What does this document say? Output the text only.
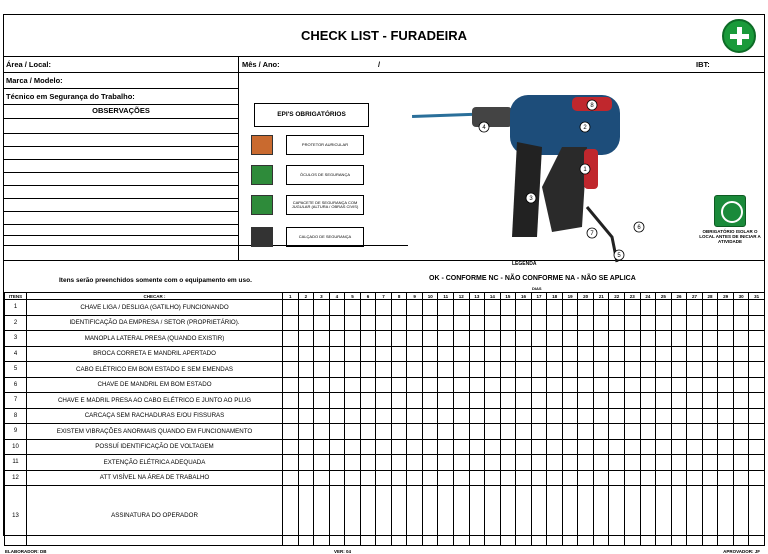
CHECK LIST - FURADEIRA
Área / Local:	Mês / Ano:	/	IBT:
Marca / Modelo:
Técnico em Segurança do Trabalho:
OBSERVAÇÕES	EPI'S OBRIGATÓRIOS
PROTETOR AURICULAR
ÓCULOS DE SEGURANÇA
CAPACETE DE SEGURANÇA COM JUGULAR (ALTURA / OBRAS CIVIS)
CALÇADO DE SEGURANÇA
1
2
3
4
5
6
7
8
OBRIGATÓRIO ISOLAR O LOCAL ANTES DE INICIAR A ATIVIDADE
LEGENDA
Itens serão preenchidos somente com o equipamento em uso.	OK - CONFORME NC - NÃO CONFORME NA - NÃO SE APLICA
DIAS
ITENS	CHECAR :	1	2	3	4	5	6	7	8	9	10	11	12	13	14	15	16	17	18	19	20	21	22	23	24	25	26	27	28	29	30	31
1	CHAVE LIGA / DESLIGA (GATILHO) FUNCIONANDO																															
2	IDENTIFICAÇÃO DA EMPRESA / SETOR (PROPRIETÁRIO).																															
3	MANOPLA LATERAL PRESA (QUANDO EXISTIR)																															
4	BROCA CORRETA E MANDRIL APERTADO																															
5	CABO ELÉTRICO EM BOM ESTADO E SEM EMENDAS																															
6	CHAVE DE MANDRIL EM BOM ESTADO																															
7	CHAVE E MADRIL PRESA AO CABO ELÉTRICO E JUNTO AO PLUG																															
8	CARCAÇA SEM RACHADURAS E/OU FISSURAS																															
9	EXISTEM VIBRAÇÕES ANORMAIS QUANDO EM FUNCIONAMENTO																															
10	POSSUÍ IDENTIFICAÇÃO DE VOLTAGEM																															
11	EXTENÇÃO ELÉTRICA ADEQUADA																															
12	ATT VISÍVEL NA ÁREA DE TRABALHO																															
13	ASSINATURA DO OPERADOR																															
ELABORADOR: DB	VER: 04	APROVADOR: JF
